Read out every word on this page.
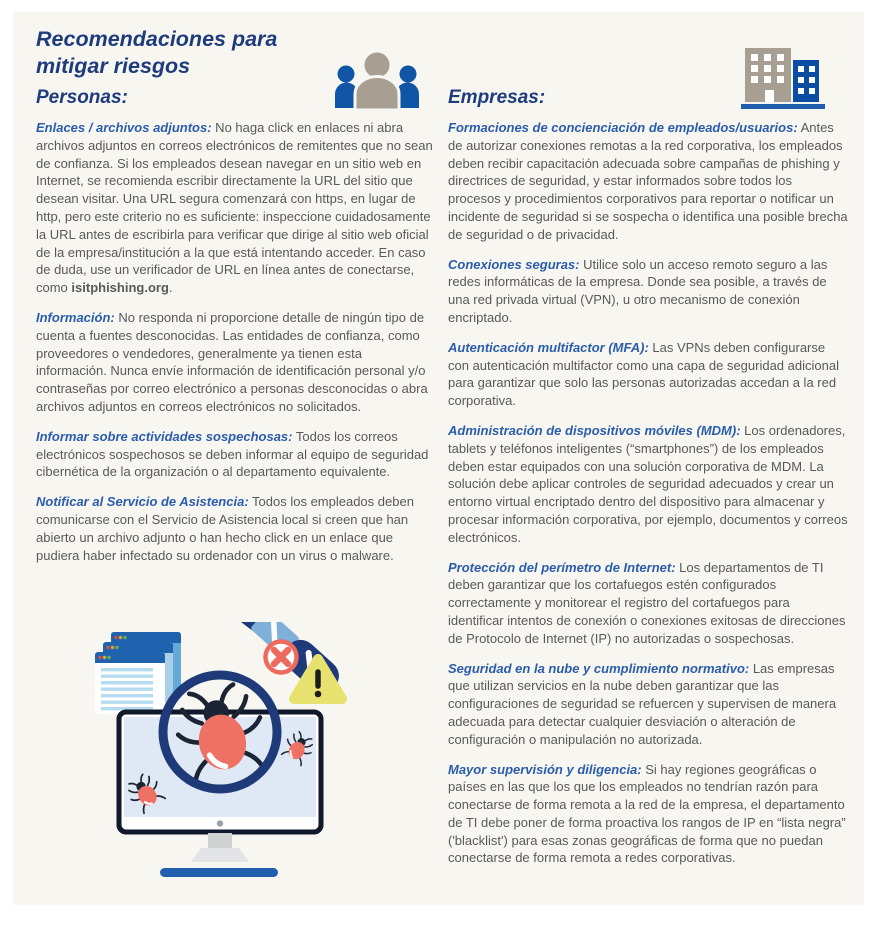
Recomendaciones para mitigar riesgos
Personas:

Enlaces / archivos adjuntos: No haga click en enlaces ni abra archivos adjuntos en correos electrónicos de remitentes que no sean de confianza. Si los empleados desean navegar en un sitio web en Internet, se recomienda escribir directamente la URL del sitio que desean visitar. Una URL segura comenzará con https, en lugar de http, pero este criterio no es suficiente: inspeccione cuidadosamente la URL antes de escribirla para verificar que dirige al sitio web oficial de la empresa/institución a la que está intentando acceder. En caso de duda, use un verificador de URL en línea antes de conectarse, como isitphishing.org.

Información: No responda ni proporcione detalle de ningún tipo de cuenta a fuentes desconocidas. Las entidades de confianza, como proveedores o vendedores, generalmente ya tienen esta información. Nunca envíe información de identificación personal y/o contraseñas por correo electrónico a personas desconocidas o abra archivos adjuntos en correos electrónicos no solicitados.

Informar sobre actividades sospechosas: Todos los correos electrónicos sospechosos se deben informar al equipo de seguridad cibernética de la organización o al departamento equivalente.

Notificar al Servicio de Asistencia: Todos los empleados deben comunicarse con el Servicio de Asistencia local si creen que han abierto un archivo adjunto o han hecho click en un enlace que pudiera haber infectado su ordenador con un virus o malware.

Empresas:

Formaciones de concienciación de empleados/usuarios: Antes de autorizar conexiones remotas a la red corporativa, los empleados deben recibir capacitación adecuada sobre campañas de phishing y directrices de seguridad, y estar informados sobre todos los procesos y procedimientos corporativos para reportar o notificar un incidente de seguridad si se sospecha o identifica una posible brecha de seguridad o de privacidad.

Conexiones seguras: Utilice solo un acceso remoto seguro a las redes informáticas de la empresa. Donde sea posible, a través de una red privada virtual (VPN), u otro mecanismo de conexión encriptado.

Autenticación multifactor (MFA): Las VPNs deben configurarse con autenticación multifactor como una capa de seguridad adicional para garantizar que solo las personas autorizadas accedan a la red corporativa.

Administración de dispositivos móviles (MDM): Los ordenadores, tablets y teléfonos inteligentes (“smartphones”) de los empleados deben estar equipados con una solución corporativa de MDM. La solución debe aplicar controles de seguridad adecuados y crear un entorno virtual encriptado dentro del dispositivo para almacenar y procesar información corporativa, por ejemplo, documentos y correos electrónicos.

Protección del perímetro de Internet: Los departamentos de TI deben garantizar que los cortafuegos estén configurados correctamente y monitorear el registro del cortafuegos para identificar intentos de conexión o conexiones exitosas de direcciones de Protocolo de Internet (IP) no autorizadas o sospechosas.

Seguridad en la nube y cumplimiento normativo: Las empresas que utilizan servicios en la nube deben garantizar que las configuraciones de seguridad se refuercen y supervisen de manera adecuada para detectar cualquier desviación o alteración de configuración o manipulación no autorizada.

Mayor supervisión y diligencia: Si hay regiones geográficas o países en las que los que los empleados no tendrían razón para conectarse de forma remota a la red de la empresa, el departamento de TI debe poner de forma proactiva los rangos de IP en “lista negra” ('blacklist') para esas zonas geográficas de forma que no puedan conectarse de forma remota a redes corporativas.
